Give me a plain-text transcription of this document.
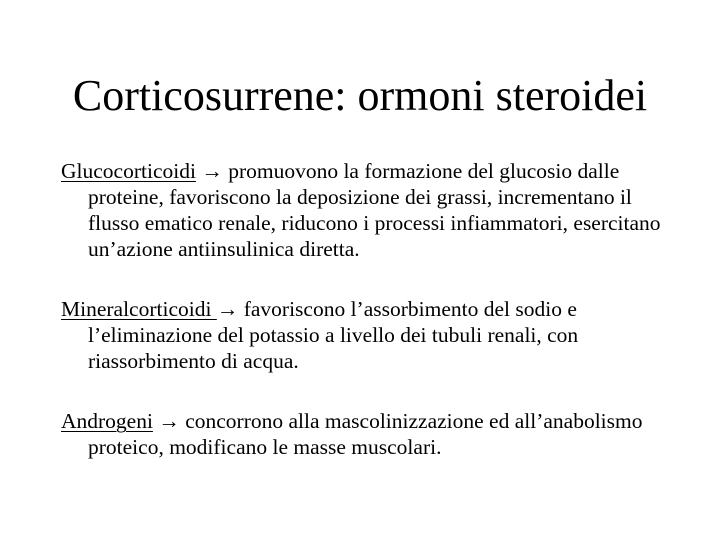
Corticosurrene: ormoni steroidei

Glucocorticoidi → promuovono la formazione del glucosio dalle proteine, favoriscono la deposizione dei grassi, incrementano il flusso ematico renale, riducono i processi infiammatori, esercitano un’azione antiinsulinica diretta.

Mineralcorticoidi → favoriscono l’assorbimento del sodio e l’eliminazione del potassio a livello dei tubuli renali, con riassorbimento di acqua.

Androgeni → concorrono alla mascolinizzazione ed all’anabolismo proteico, modificano le masse muscolari.
